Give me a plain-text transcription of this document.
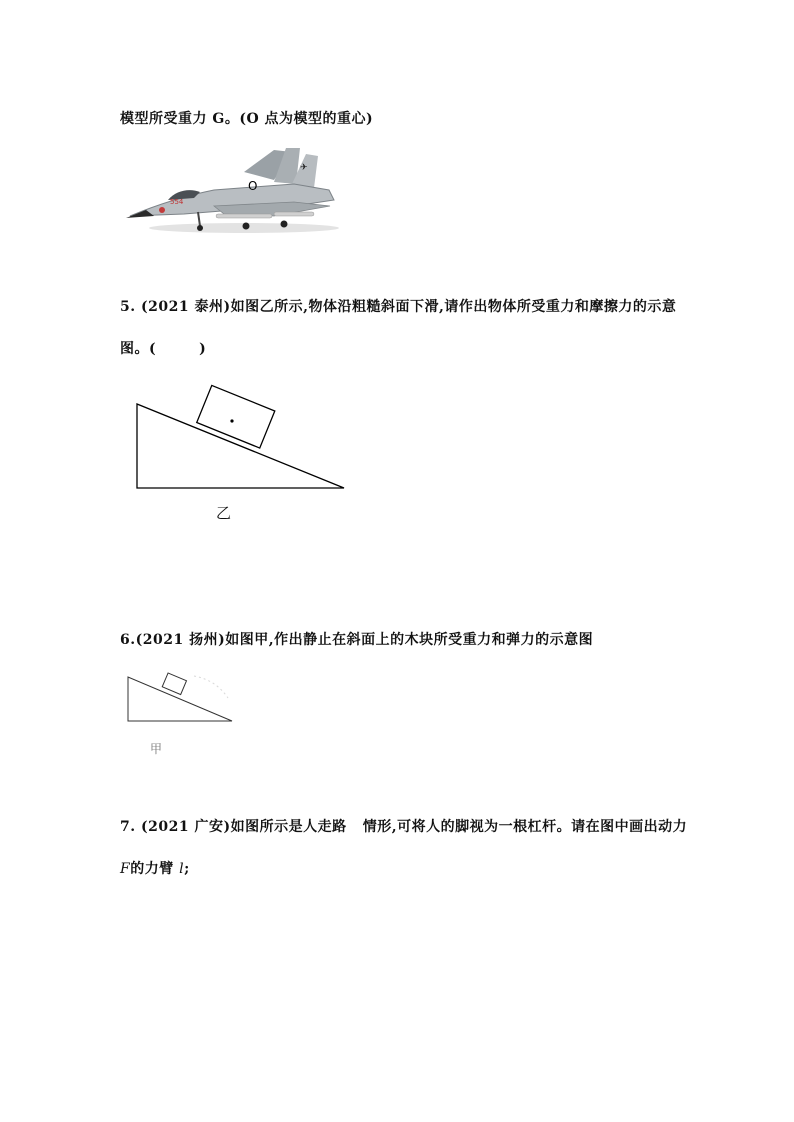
模型所受重力 G。(O 点为模型的重心)
554
O
✈
5. (2021 泰州)如图乙所示,物体沿粗糙斜面下滑,请作出物体所受重力和摩擦力的示意
图。(        )
乙
6.(2021 扬州)如图甲,作出静止在斜面上的木块所受重力和弹力的示意图
甲
7. (2021 广安)如图所示是人走路   情形,可将人的脚视为一根杠杆。请在图中画出动力
F的力臂 l;
